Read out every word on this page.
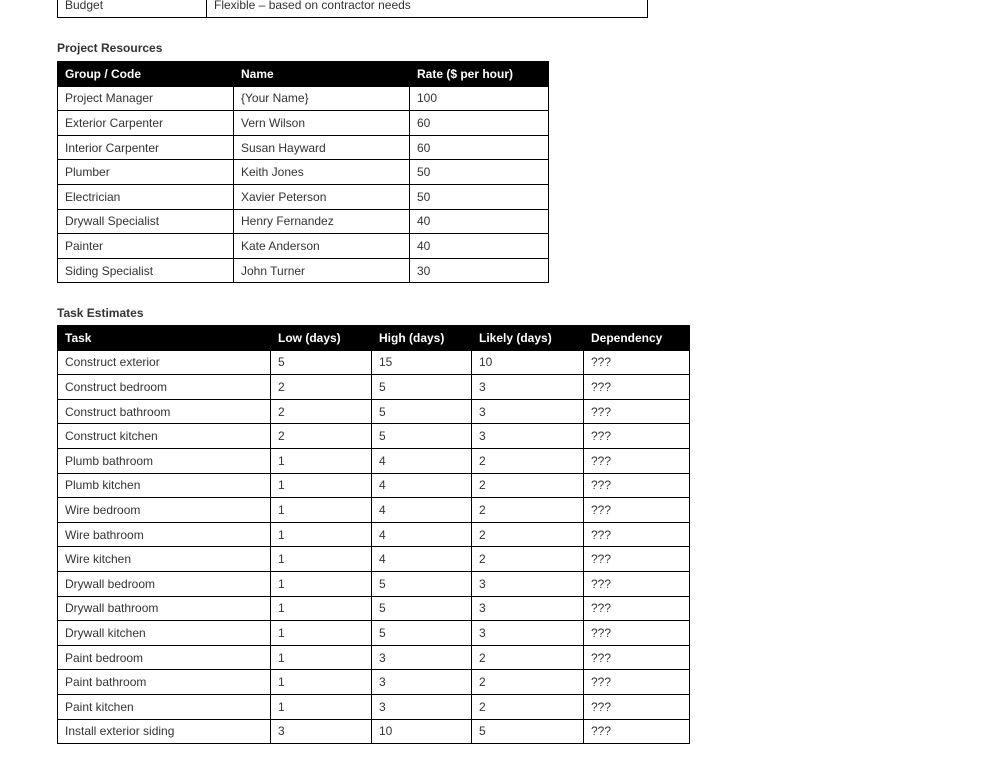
Budget	Flexible – based on contractor needs
Project Resources
Group / Code	Name	Rate ($ per hour)
Project Manager	{Your Name}	100
Exterior Carpenter	Vern Wilson	60
Interior Carpenter	Susan Hayward	60
Plumber	Keith Jones	50
Electrician	Xavier Peterson	50
Drywall Specialist	Henry Fernandez	40
Painter	Kate Anderson	40
Siding Specialist	John Turner	30
Task Estimates
Task	Low (days)	High (days)	Likely (days)	Dependency
Construct exterior	5	15	10	???
Construct bedroom	2	5	3	???
Construct bathroom	2	5	3	???
Construct kitchen	2	5	3	???
Plumb bathroom	1	4	2	???
Plumb kitchen	1	4	2	???
Wire bedroom	1	4	2	???
Wire bathroom	1	4	2	???
Wire kitchen	1	4	2	???
Drywall bedroom	1	5	3	???
Drywall bathroom	1	5	3	???
Drywall kitchen	1	5	3	???
Paint bedroom	1	3	2	???
Paint bathroom	1	3	2	???
Paint kitchen	1	3	2	???
Install exterior siding	3	10	5	???
